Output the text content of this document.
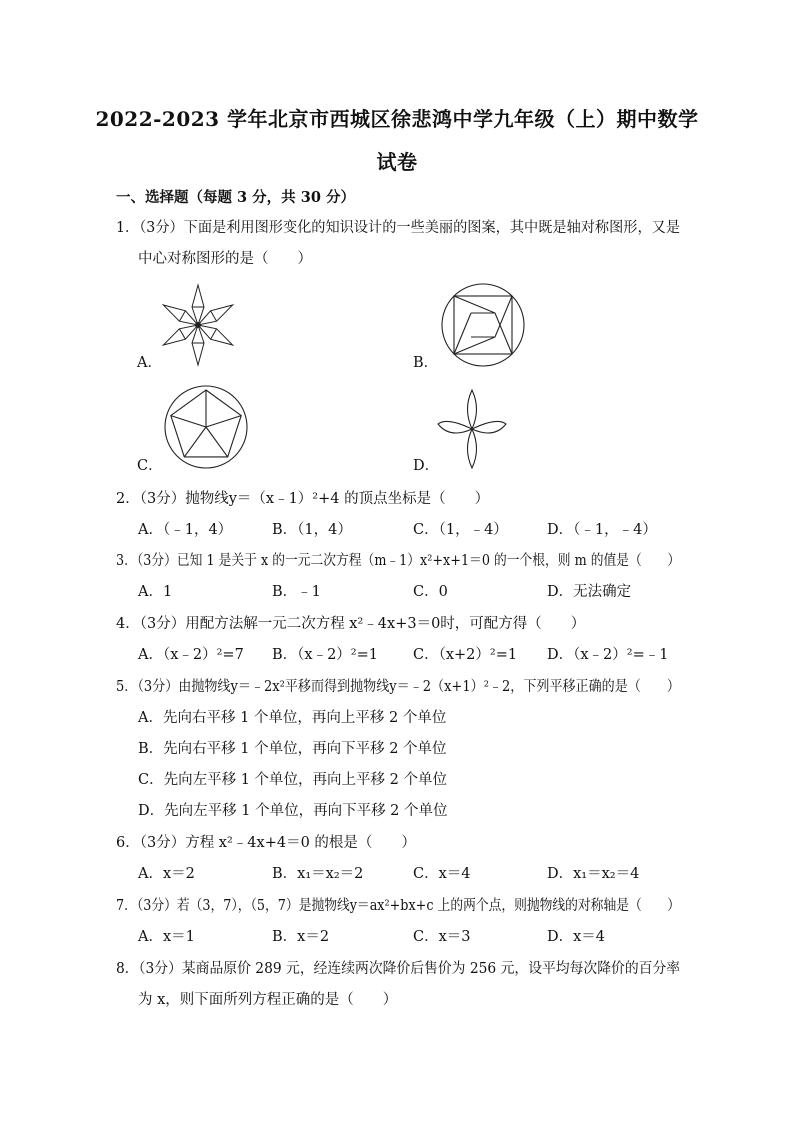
2022-2023 学年北京市西城区徐悲鸿中学九年级（上）期中数学
试卷
一、选择题（每题 3 分，共 30 分）
1．（3分）下面是利用图形变化的知识设计的一些美丽的图案，其中既是轴对称图形，又是
中心对称图形的是（　　）
A．	B．
C．	D．
2．（3分）抛物线y＝（x﹣1）²+4 的顶点坐标是（　　）
A．（﹣1，4）	B．（1，4）	C．（1，﹣4）	D．（﹣1，﹣4）
3．（3分）已知 1 是关于 x 的一元二次方程（m﹣1）x²+x+1＝0 的一个根，则 m 的值是（　　）
A．1	B．﹣1	C．0	D．无法确定
4．（3分）用配方法解一元二次方程 x²﹣4x+3＝0时，可配方得（　　）
A．（x﹣2）²=7 B．（x﹣2）²=1 C．（x+2）²=1 D．（x﹣2）²=﹣1
5．（3分）由抛物线y＝﹣2x²平移而得到抛物线y＝﹣2（x+1）²﹣2，下列平移正确的是（　　）
A．先向右平移 1 个单位，再向上平移 2 个单位
B．先向右平移 1 个单位，再向下平移 2 个单位
C．先向左平移 1 个单位，再向上平移 2 个单位
D．先向左平移 1 个单位，再向下平移 2 个单位
6．（3分）方程 x²﹣4x+4＝0 的根是（　　）
A．x＝2	B．x₁＝x₂＝2	C．x＝4	D．x₁＝x₂＝4
7．（3分）若（3，7），（5，7）是抛物线y＝ax²+bx+c 上的两个点，则抛物线的对称轴是（　　）
A．x＝1	B．x＝2	C．x＝3	D．x＝4
8．（3分）某商品原价 289 元，经连续两次降价后售价为 256 元，设平均每次降价的百分率
为 x，则下面所列方程正确的是（　　）
